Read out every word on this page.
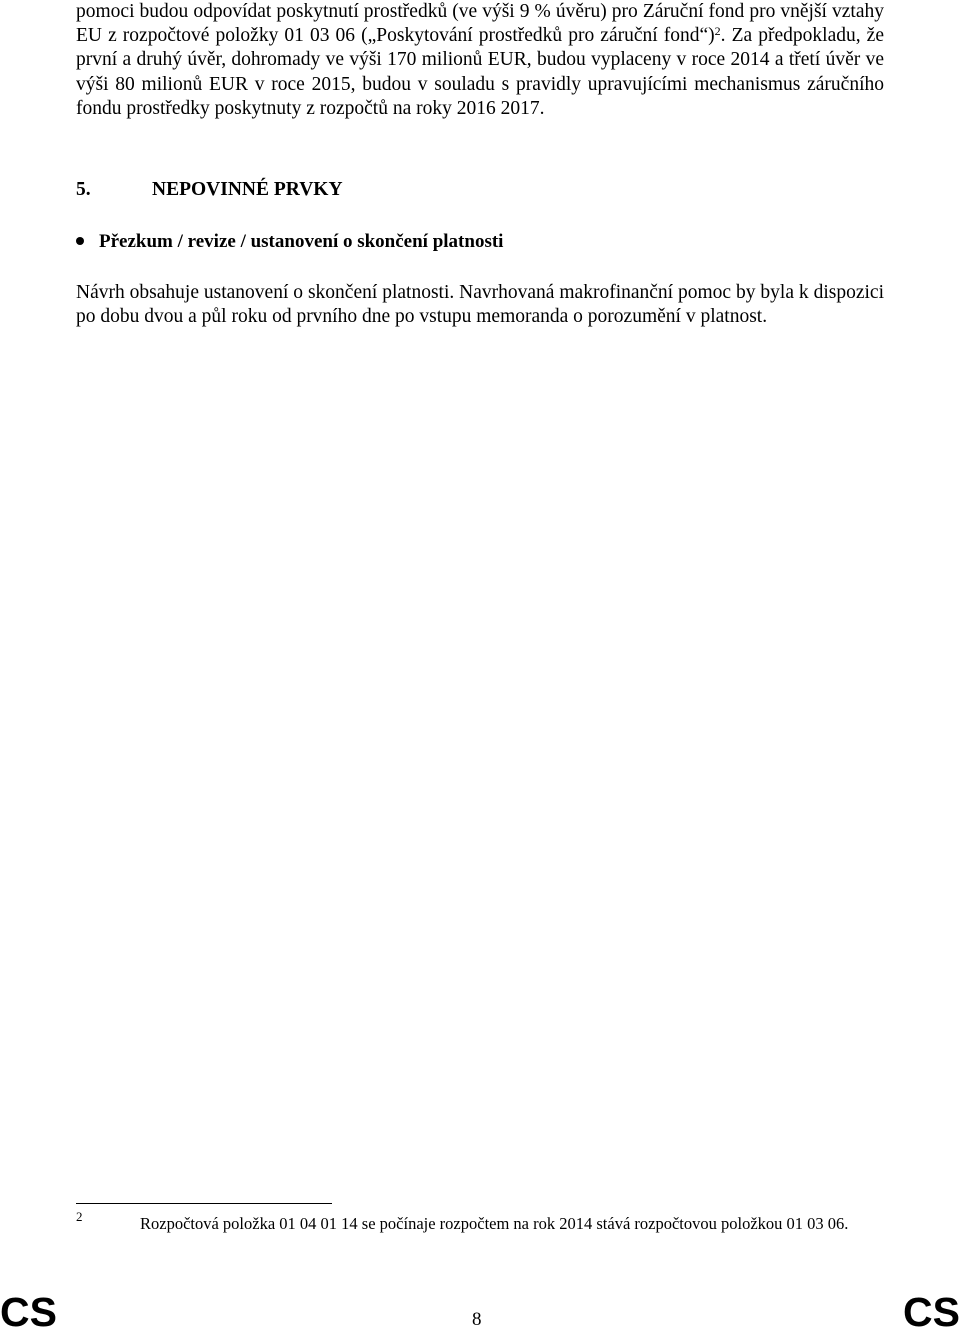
pomoci budou odpovídat poskytnutí prostředků (ve výši 9 % úvěru) pro Záruční fond pro vnější vztahy EU z rozpočtové položky 01 03 06 („Poskytování prostředků pro záruční fond“)$^2$. Za předpokladu, že první a druhý úvěr, dohromady ve výši 170 milionů EUR, budou vyplaceny v roce 2014 a třetí úvěr ve výši 80 milionů EUR v roce 2015, budou v souladu s pravidly upravujícími mechanismus záručního fondu prostředky poskytnuty z rozpočtů na roky 2016 2017.

5.	NEPOVINNÉ PRVKY
Přezkum / revize / ustanovení o skončení platnosti

Návrh obsahuje ustanovení o skončení platnosti. Navrhovaná makrofinanční pomoc by byla k dispozici po dobu dvou a půl roku od prvního dne po vstupu memoranda o porozumění v platnost.

2	Rozpočtová položka 01 04 01 14 se počínaje rozpočtem na rok 2014 stává rozpočtovou položkou 01 03 06.
CS	8	CS
